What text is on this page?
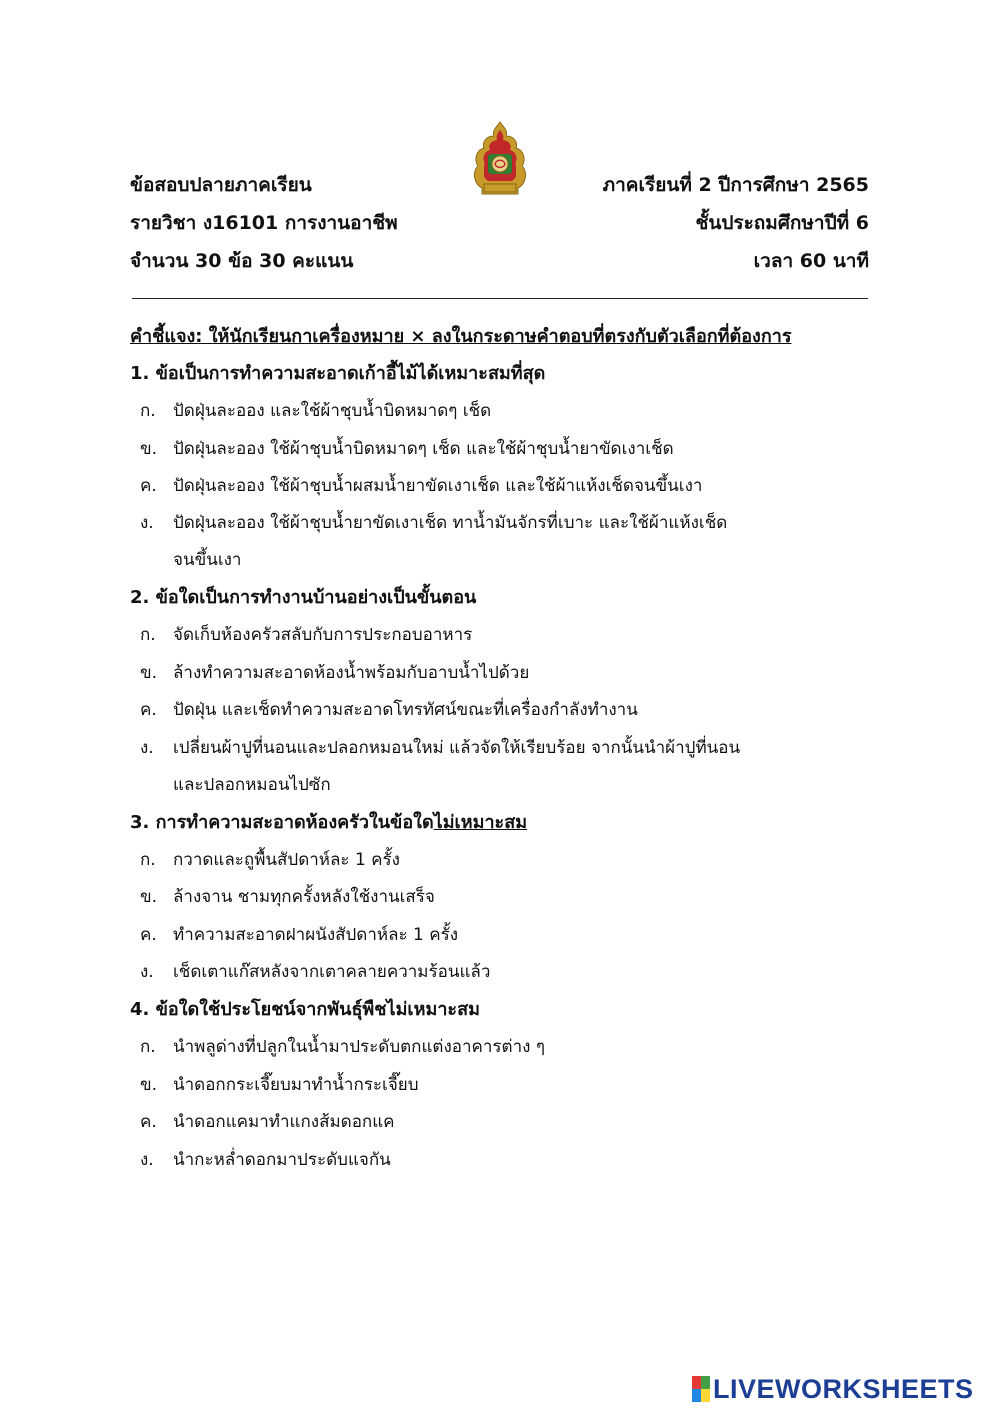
ข้อสอบปลายภาคเรียน
รายวิชา ง16101 การงานอาชีพ
จำนวน 30 ข้อ 30 คะแนน
ภาคเรียนที่ 2 ปีการศึกษา 2565
ชั้นประถมศึกษาปีที่ 6
เวลา 60 นาที
คำชี้แจง: ให้นักเรียนกาเครื่องหมาย × ลงในกระดาษคำตอบที่ตรงกับตัวเลือกที่ต้องการ
1. ข้อเป็นการทำความสะอาดเก้าอี้ไม้ได้เหมาะสมที่สุด
ก. ปัดฝุ่นละออง และใช้ผ้าชุบน้ำบิดหมาดๆ เช็ด
ข. ปัดฝุ่นละออง ใช้ผ้าชุบน้ำบิดหมาดๆ เช็ด และใช้ผ้าชุบน้ำยาขัดเงาเช็ด
ค. ปัดฝุ่นละออง ใช้ผ้าชุบน้ำผสมน้ำยาขัดเงาเช็ด และใช้ผ้าแห้งเช็ดจนขึ้นเงา
ง. ปัดฝุ่นละออง ใช้ผ้าชุบน้ำยาขัดเงาเช็ด ทาน้ำมันจักรที่เบาะ และใช้ผ้าแห้งเช็ด
จนขึ้นเงา
2. ข้อใดเป็นการทำงานบ้านอย่างเป็นขั้นตอน
ก. จัดเก็บห้องครัวสลับกับการประกอบอาหาร
ข. ล้างทำความสะอาดห้องน้ำพร้อมกับอาบน้ำไปด้วย
ค. ปัดฝุ่น และเช็ดทำความสะอาดโทรทัศน์ขณะที่เครื่องกำลังทำงาน
ง. เปลี่ยนผ้าปูที่นอนและปลอกหมอนใหม่ แล้วจัดให้เรียบร้อย จากนั้นนำผ้าปูที่นอน
และปลอกหมอนไปซัก
3. การทำความสะอาดห้องครัวในข้อใดไม่เหมาะสม
ก. กวาดและถูพื้นสัปดาห์ละ 1 ครั้ง
ข. ล้างจาน ชามทุกครั้งหลังใช้งานเสร็จ
ค. ทำความสะอาดฝาผนังสัปดาห์ละ 1 ครั้ง
ง. เช็ดเตาแก๊สหลังจากเตาคลายความร้อนแล้ว
4. ข้อใดใช้ประโยชน์จากพันธุ์พืชไม่เหมาะสม
ก. นำพลูด่างที่ปลูกในน้ำมาประดับตกแต่งอาคารต่าง ๆ
ข. นำดอกกระเจี๊ยบมาทำน้ำกระเจี๊ยบ
ค. นำดอกแคมาทำแกงส้มดอกแค
ง. นำกะหล่ำดอกมาประดับแจกัน
LIVEWORKSHEETS
